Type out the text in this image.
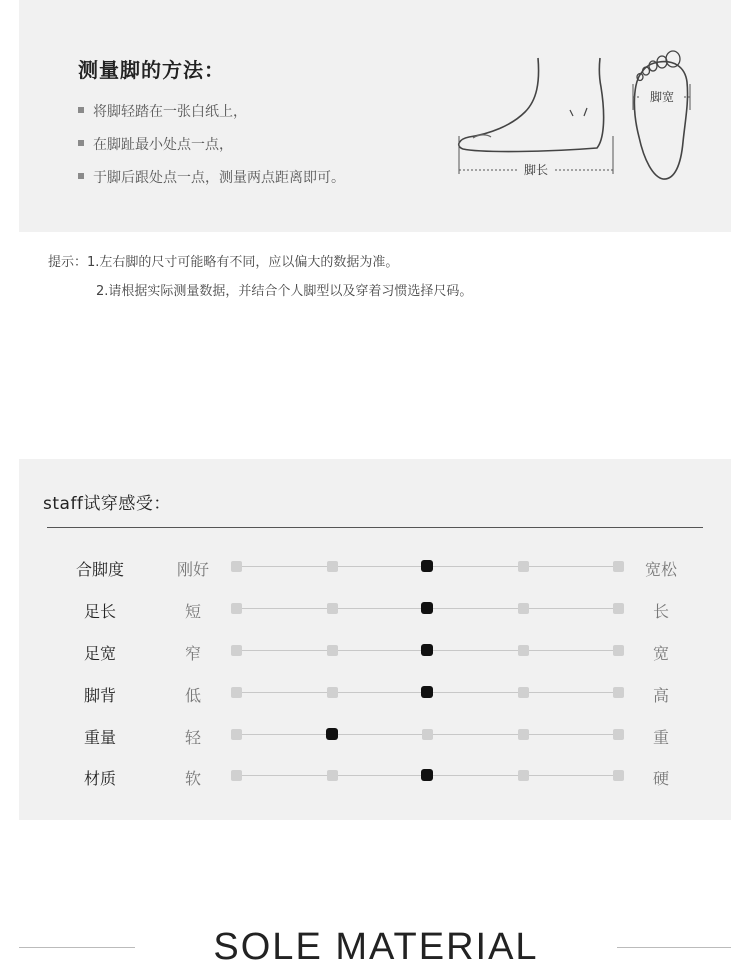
测量脚的方法：
将脚轻踏在一张白纸上，
在脚趾最小处点一点，
于脚后跟处点一点，测量两点距离即可。	脚长
脚宽
提示：1.左右脚的尺寸可能略有不同，应以偏大的数据为准。
2.请根据实际测量数据，并结合个人脚型以及穿着习惯选择尺码。
staff试穿感受：
合脚度	刚好	宽松
足长	短	长
足宽	窄	宽
脚背	低	高
重量	轻	重
材质	软	硬
SOLE MATERIAL
